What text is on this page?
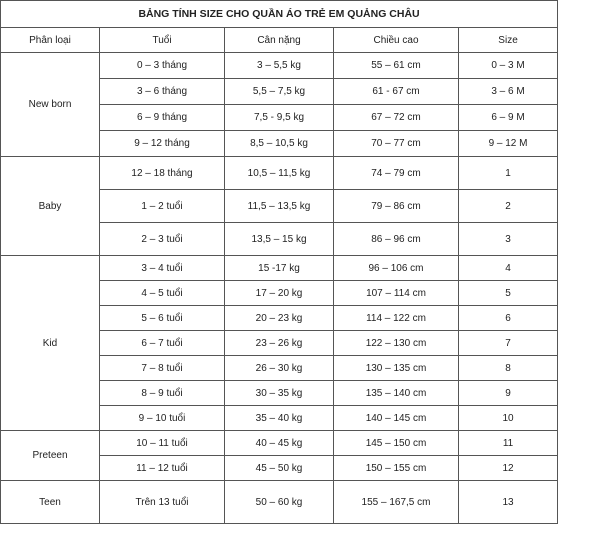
BẢNG TÍNH SIZE CHO QUẦN ÁO TRẺ EM QUẢNG CHÂU				
Phân loại	Tuổi	Cân nặng	Chiều cao	Size
New born	0 – 3 tháng	3 – 5,5 kg	55 – 61 cm	0 – 3 M
	3 – 6 tháng	5,5 – 7,5 kg	61 - 67 cm	3 – 6 M
	6 – 9 tháng	7,5 - 9,5 kg	67 – 72 cm	6 – 9 M
	9 – 12 tháng	8,5 – 10,5 kg	70 – 77 cm	9 – 12 M
Baby	12 – 18 tháng	10,5 – 11,5 kg	74 – 79 cm	1
	1 – 2 tuổi	11,5 – 13,5 kg	79 – 86 cm	2
	2 – 3 tuổi	13,5 – 15 kg	86 – 96 cm	3
Kid	3 – 4 tuổi	15 -17 kg	96 – 106 cm	4
	4 – 5 tuổi	17 – 20 kg	107 – 114 cm	5
	5 – 6 tuổi	20 – 23 kg	114 – 122 cm	6
	6 – 7 tuổi	23 – 26 kg	122 – 130 cm	7
	7 – 8 tuổi	26 – 30 kg	130 – 135 cm	8
	8 – 9 tuổi	30 – 35 kg	135 – 140 cm	9
	9 – 10 tuổi	35 – 40 kg	140 – 145 cm	10
Preteen	10 – 11 tuổi	40 – 45 kg	145 – 150 cm	11
	11 – 12 tuổi	45 – 50 kg	150 – 155 cm	12
Teen	Trên 13 tuổi	50 – 60 kg	155 – 167,5 cm	13
